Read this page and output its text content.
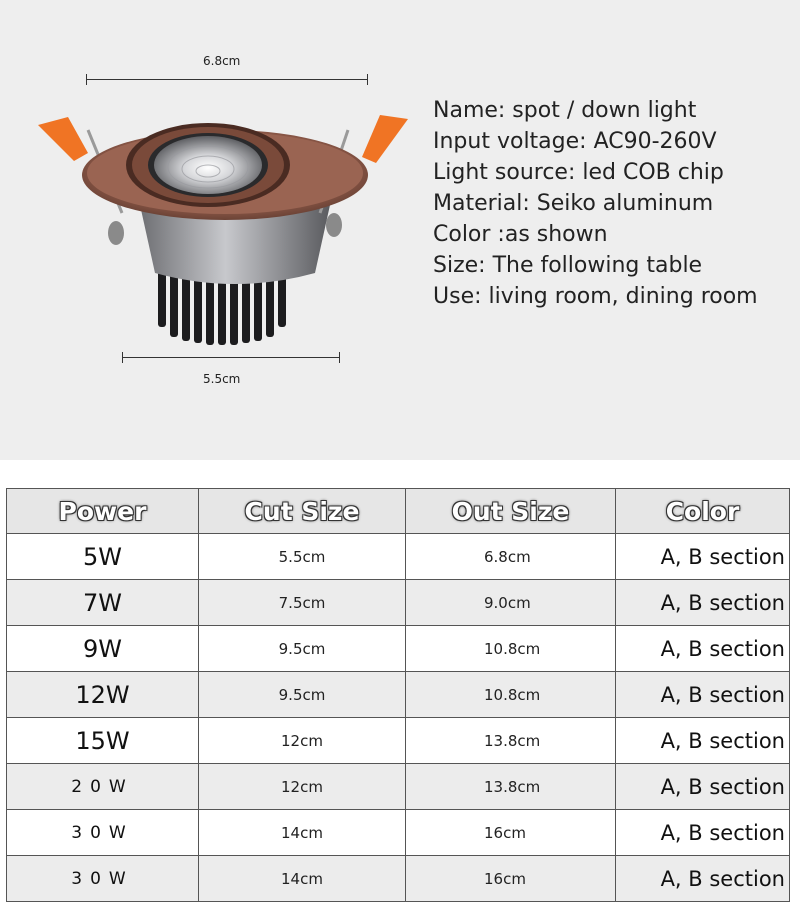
6.8cm
5.5cm
Name: spot / down light
Input voltage: AC90-260V
Light source: led COB chip
Material: Seiko aluminum
Color :as shown
Size: The following table
Use: living room, dining room
Power	Cut Size	Out Size	Color
5W	5.5cm	6.8cm	A, B section
7W	7.5cm	9.0cm	A, B section
9W	9.5cm	10.8cm	A, B section
12W	9.5cm	10.8cm	A, B section
15W	12cm	13.8cm	A, B section
20W	12cm	13.8cm	A, B section
30W	14cm	16cm	A, B section
30W	14cm	16cm	A, B section
